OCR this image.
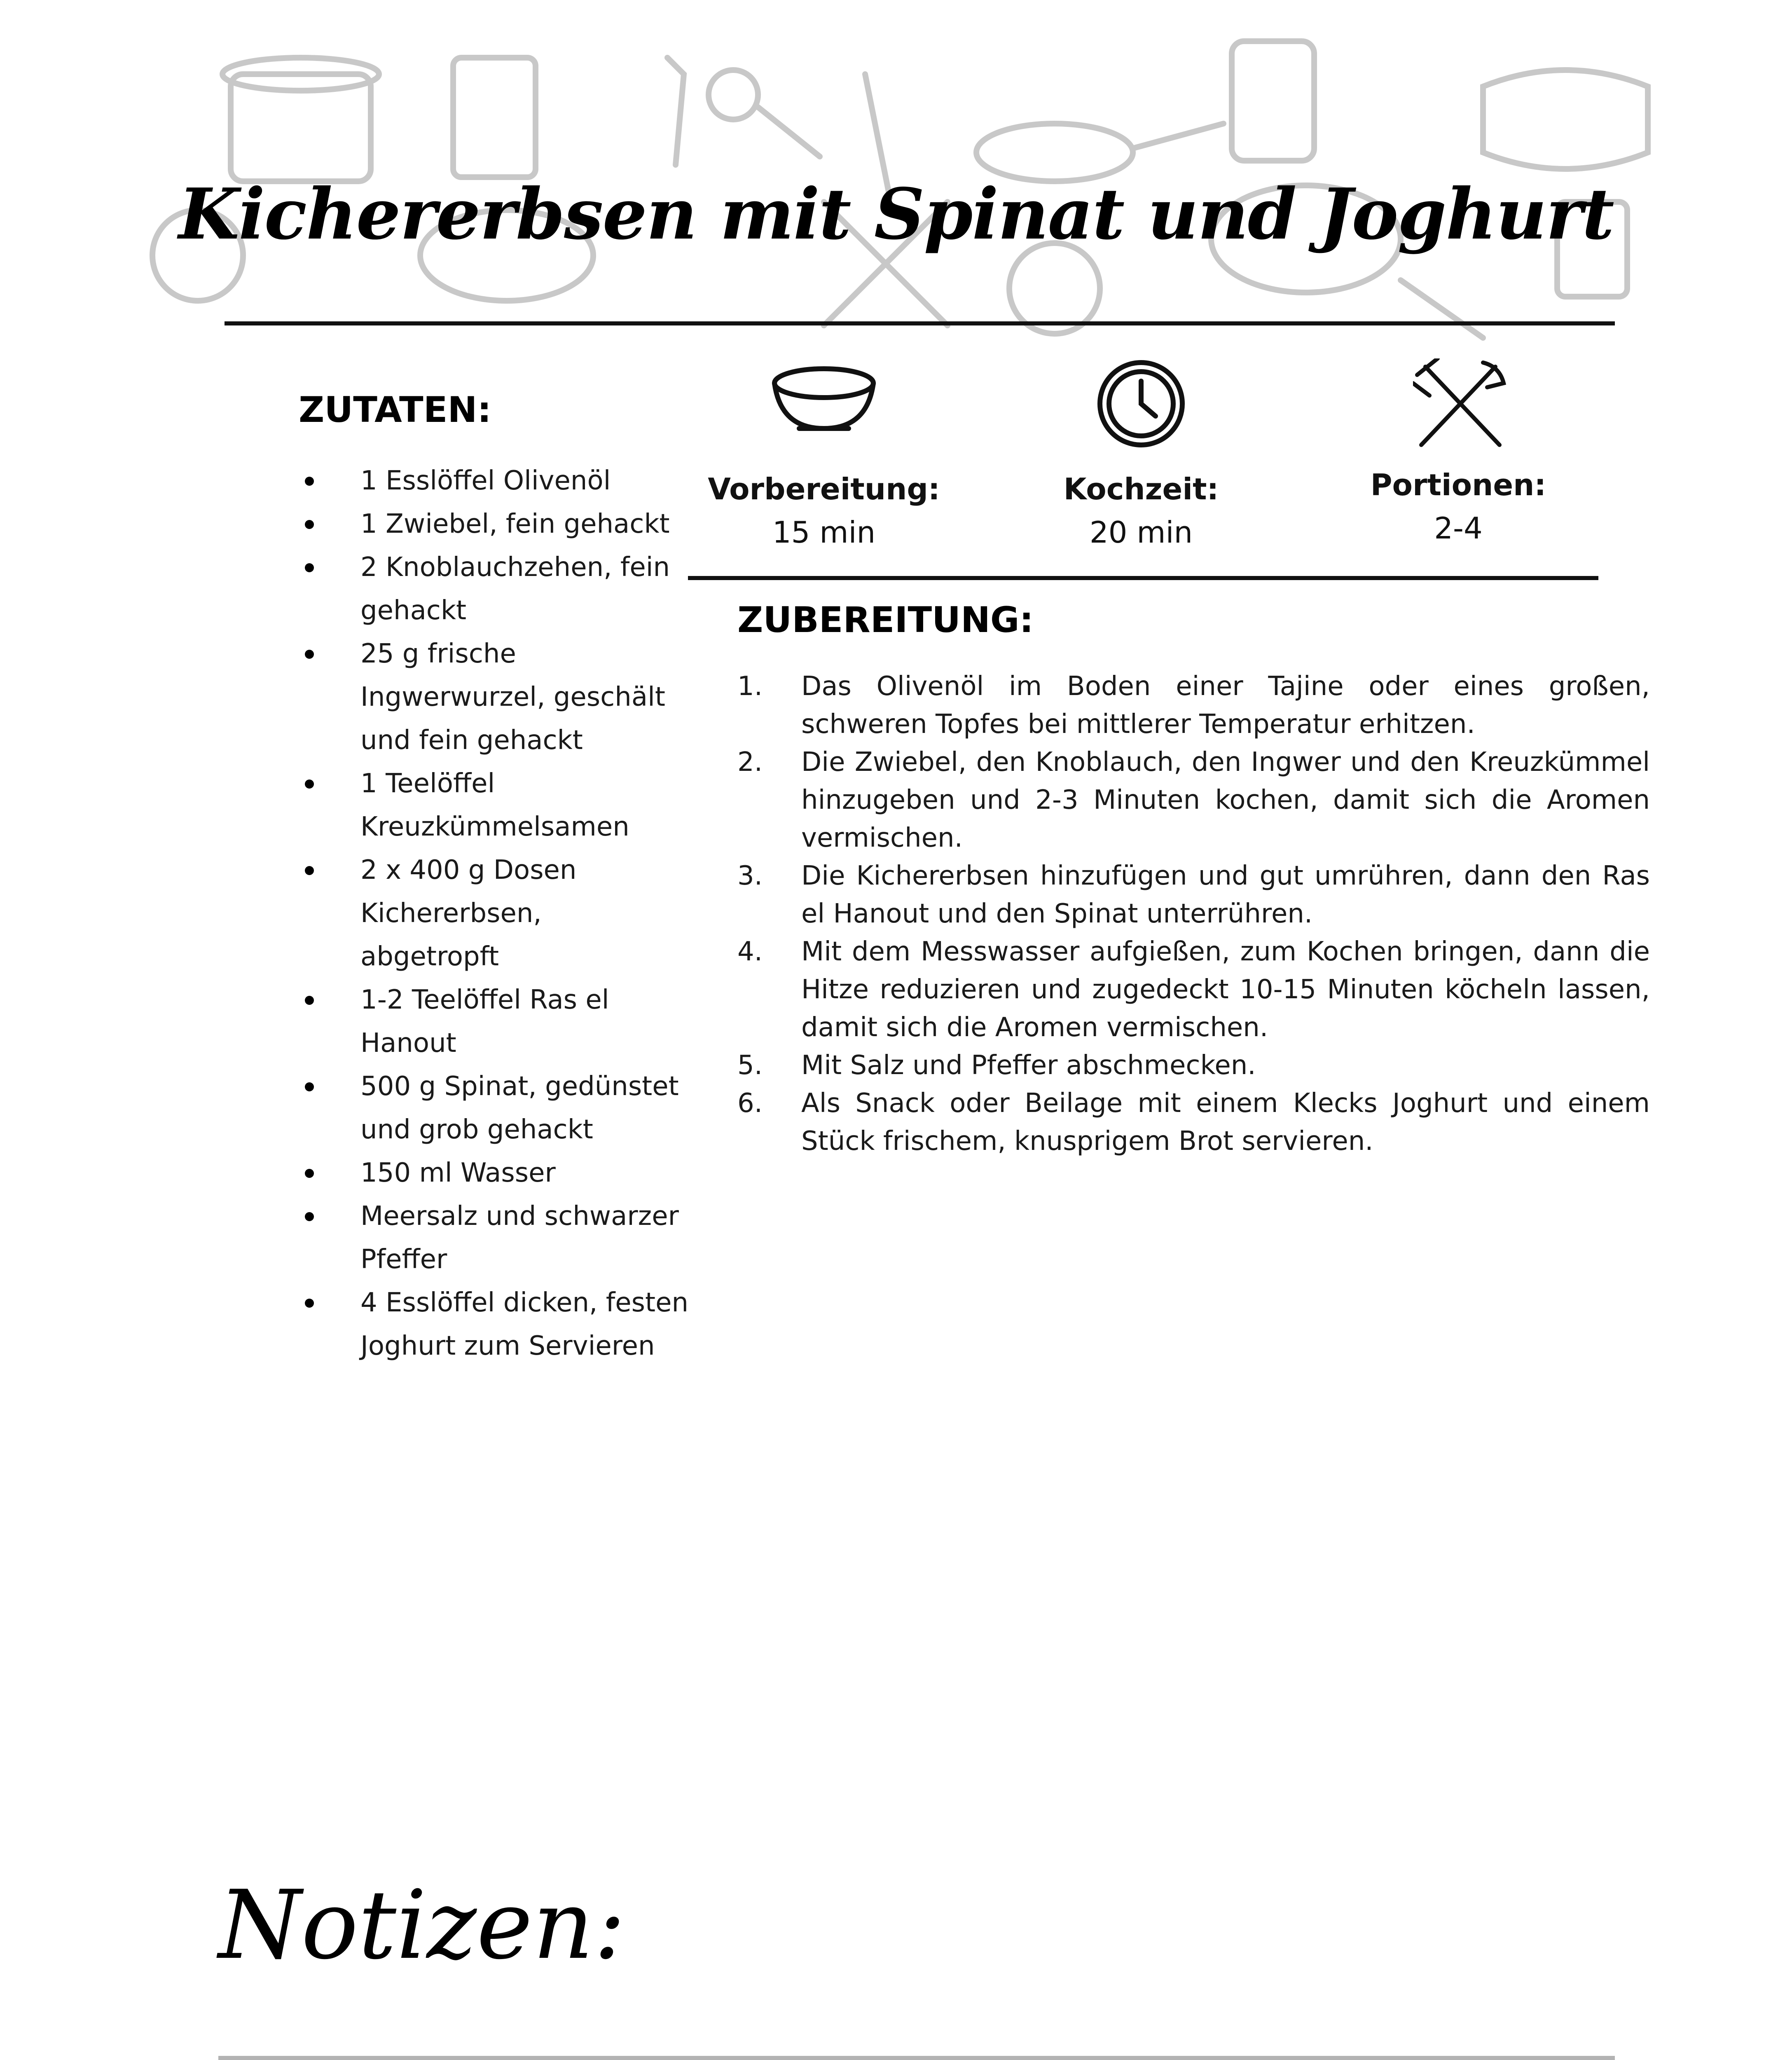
Kichererbsen mit Spinat und Joghurt
ZUTATEN:
1 Esslöffel Olivenöl
1 Zwiebel, fein gehackt
2 Knoblauchzehen, fein
gehackt
25 g frische
Ingwerwurzel, geschält
und fein gehackt
1 Teelöffel
Kreuzkümmelsamen
2 x 400 g Dosen
Kichererbsen,
abgetropft
1-2 Teelöffel Ras el
Hanout
500 g Spinat, gedünstet
und grob gehackt
150 ml Wasser
Meersalz und schwarzer
Pfeffer
4 Esslöffel dicken, festen
Joghurt zum Servieren
Vorbereitung:
15 min
Kochzeit:
20 min
Portionen:
2-4
ZUBEREITUNG:
1. Das Olivenöl im Boden einer Tajine oder eines großen, schweren Topfes bei mittlerer Temperatur erhitzen.
2. Die Zwiebel, den Knoblauch, den Ingwer und den Kreuzkümmel hinzugeben und 2-3 Minuten kochen, damit sich die Aromen vermischen.
3. Die Kichererbsen hinzufügen und gut umrühren, dann den Ras el Hanout und den Spinat unterrühren.
4. Mit dem Messwasser aufgießen, zum Kochen bringen, dann die Hitze reduzieren und zugedeckt 10-15 Minuten köcheln lassen, damit sich die Aromen vermischen.
5. Mit Salz und Pfeffer abschmecken.
6. Als Snack oder Beilage mit einem Klecks Joghurt und einem Stück frischem, knusprigem Brot servieren.
Notizen:
